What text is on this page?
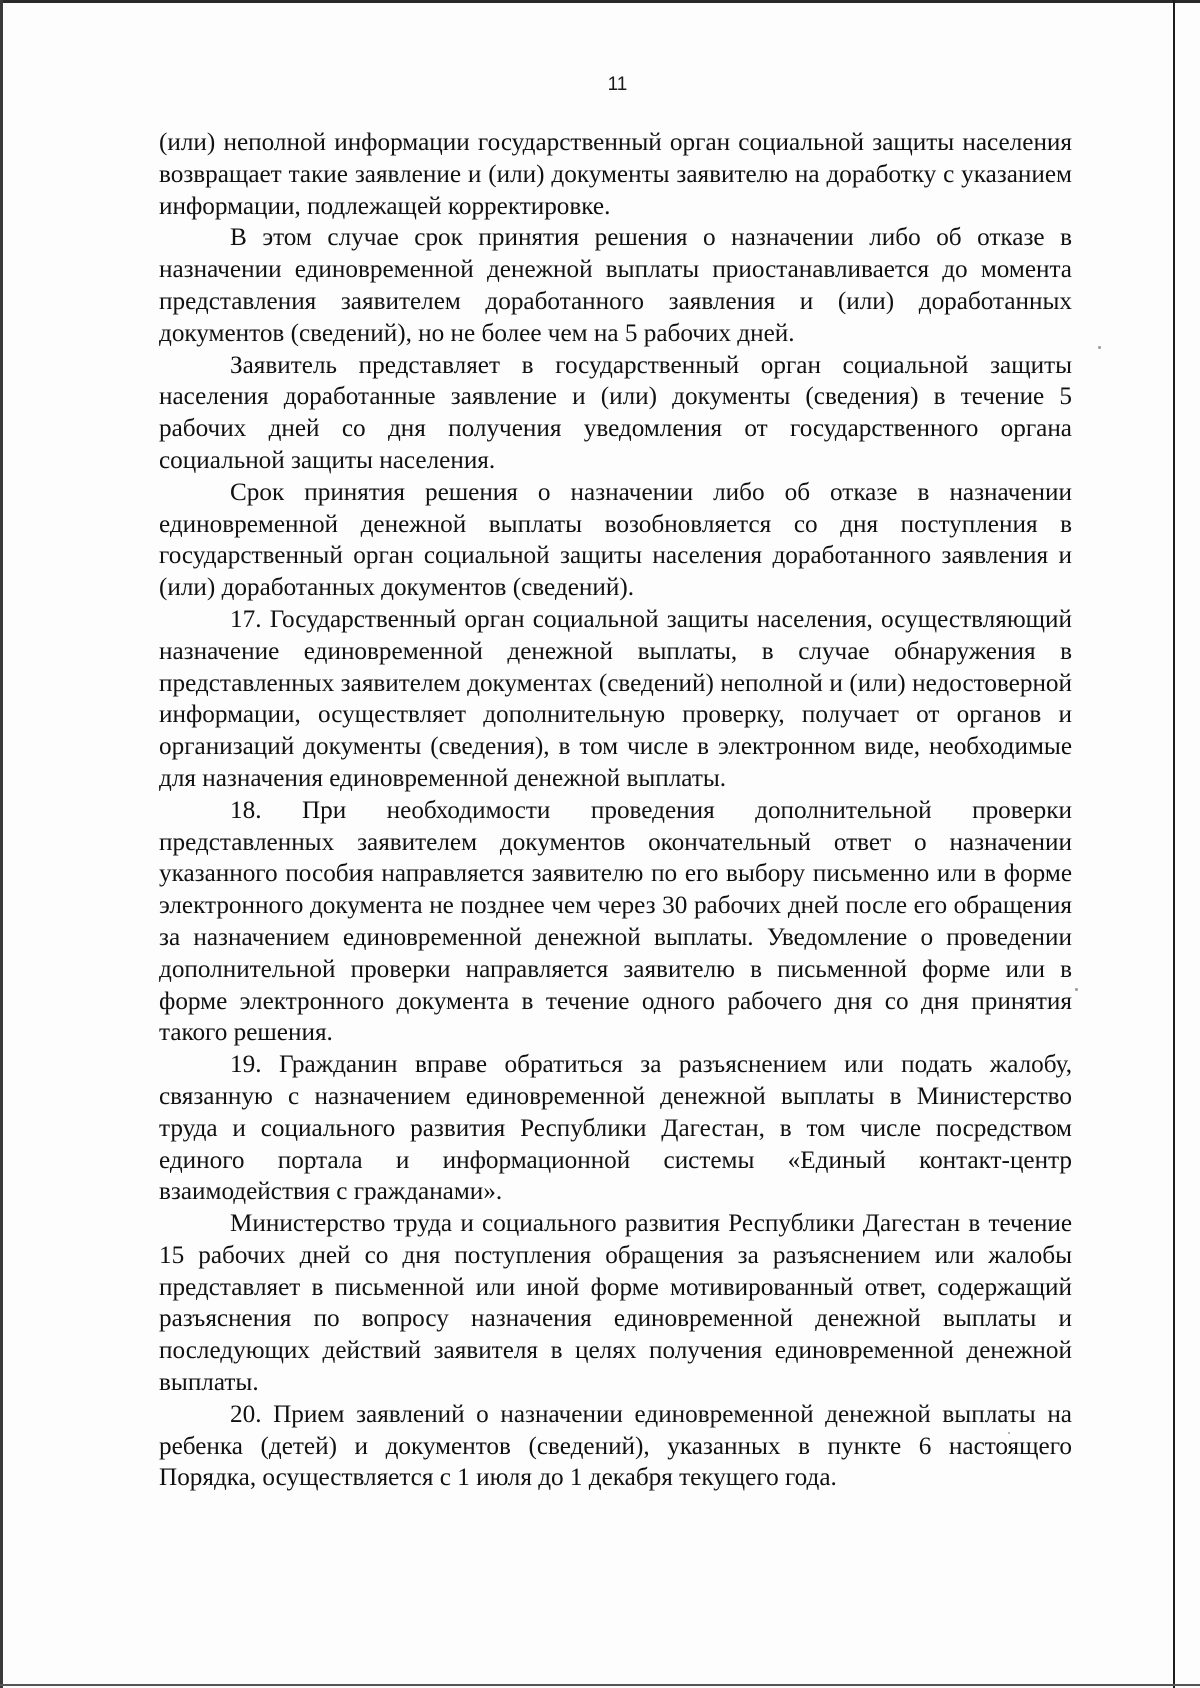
11

(или) неполной информации государственный орган социальной защиты населения возвращает такие заявление и (или) документы заявителю на доработку с указанием информации, подлежащей корректировке.

В этом случае срок принятия решения о назначении либо об отказе в назначении единовременной денежной выплаты приостанавливается до момента представления заявителем доработанного заявления и (или) доработанных документов (сведений), но не более чем на 5 рабочих дней.

Заявитель представляет в государственный орган социальной защиты населения доработанные заявление и (или) документы (сведения) в течение 5 рабочих дней со дня получения уведомления от государственного органа социальной защиты населения.

Срок принятия решения о назначении либо об отказе в назначении единовременной денежной выплаты возобновляется со дня поступления в государственный орган социальной защиты населения доработанного заявления и (или) доработанных документов (сведений).

17. Государственный орган социальной защиты населения, осуществляющий назначение единовременной денежной выплаты, в случае обнаружения в представленных заявителем документах (сведений) неполной и (или) недостоверной информации, осуществляет дополнительную проверку, получает от органов и организаций документы (сведения), в том числе в электронном виде, необходимые для назначения единовременной денежной выплаты.

18. При необходимости проведения дополнительной проверки представленных заявителем документов окончательный ответ о назначении указанного пособия направляется заявителю по его выбору письменно или в форме электронного документа не позднее чем через 30 рабочих дней после его обращения за назначением единовременной денежной выплаты. Уведомление о проведении дополнительной проверки направляется заявителю в письменной форме или в форме электронного документа в течение одного рабочего дня со дня принятия такого решения.

19. Гражданин вправе обратиться за разъяснением или подать жалобу, связанную с назначением единовременной денежной выплаты в Министерство труда и социального развития Республики Дагестан, в том числе посредством единого портала и информационной системы «Единый контакт-центр взаимодействия с гражданами».

Министерство труда и социального развития Республики Дагестан в течение 15 рабочих дней со дня поступления обращения за разъяснением или жалобы представляет в письменной или иной форме мотивированный ответ, содержащий разъяснения по вопросу назначения единовременной денежной выплаты и последующих действий заявителя в целях получения единовременной денежной выплаты.

20. Прием заявлений о назначении единовременной денежной выплаты на ребенка (детей) и документов (сведений), указанных в пункте 6 настоящего Порядка, осуществляется с 1 июля до 1 декабря текущего года.
